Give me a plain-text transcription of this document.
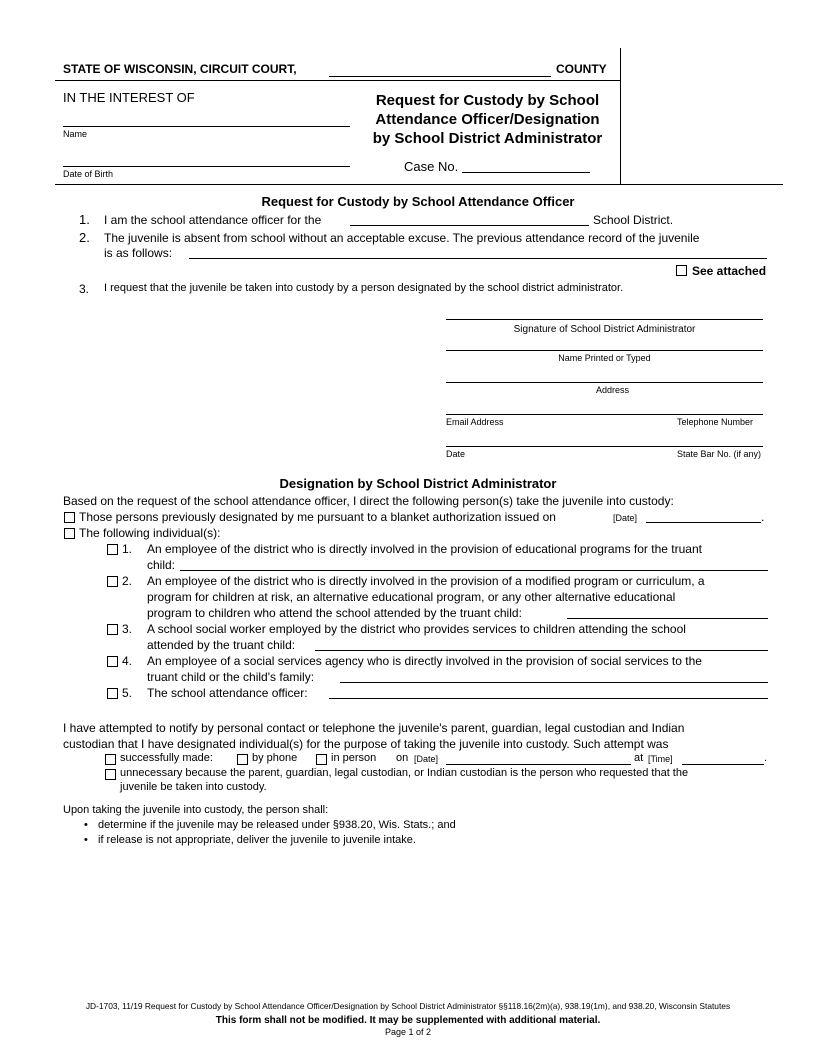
STATE OF WISCONSIN, CIRCUIT COURT,	COUNTY
IN THE INTEREST OF
Name
Date of Birth
Request for Custody by School
Attendance Officer/Designation
by School District Administrator
Case No.
Request for Custody by School Attendance Officer
1. I am the school attendance officer for the	School District.
2. The juvenile is absent from school without an acceptable excuse. The previous attendance record of the juvenile
is as follows:
See attached
3. I request that the juvenile be taken into custody by a person designated by the school district administrator.
Signature of School District Administrator
Name Printed or Typed
Address
Email Address	Telephone Number
Date	State Bar No. (if any)
Designation by School District Administrator
Based on the request of the school attendance officer, I direct the following person(s) take the juvenile into custody:
Those persons previously designated by me pursuant to a blanket authorization issued on	[Date]	.
The following individual(s):
1. An employee of the district who is directly involved in the provision of educational programs for the truant
child:
2. An employee of the district who is directly involved in the provision of a modified program or curriculum, a
program for children at risk, an alternative educational program, or any other alternative educational
program to children who attend the school attended by the truant child:
3. A school social worker employed by the district who provides services to children attending the school
attended by the truant child:
4. An employee of a social services agency who is directly involved in the provision of social services to the
truant child or the child's family:
5. The school attendance officer:
I have attempted to notify by personal contact or telephone the juvenile's parent, guardian, legal custodian and Indian
custodian that I have designated individual(s) for the purpose of taking the juvenile into custody. Such attempt was
successfully made:	by phone	in person on [Date]	at [Time]	.
unnecessary because the parent, guardian, legal custodian, or Indian custodian is the person who requested that the
juvenile be taken into custody.
Upon taking the juvenile into custody, the person shall:
• determine if the juvenile may be released under §938.20, Wis. Stats.; and
• if release is not appropriate, deliver the juvenile to juvenile intake.
JD-1703, 11/19 Request for Custody by School Attendance Officer/Designation by School District Administrator §§118.16(2m)(a), 938.19(1m), and 938.20, Wisconsin Statutes
This form shall not be modified. It may be supplemented with additional material.
Page 1 of 2
